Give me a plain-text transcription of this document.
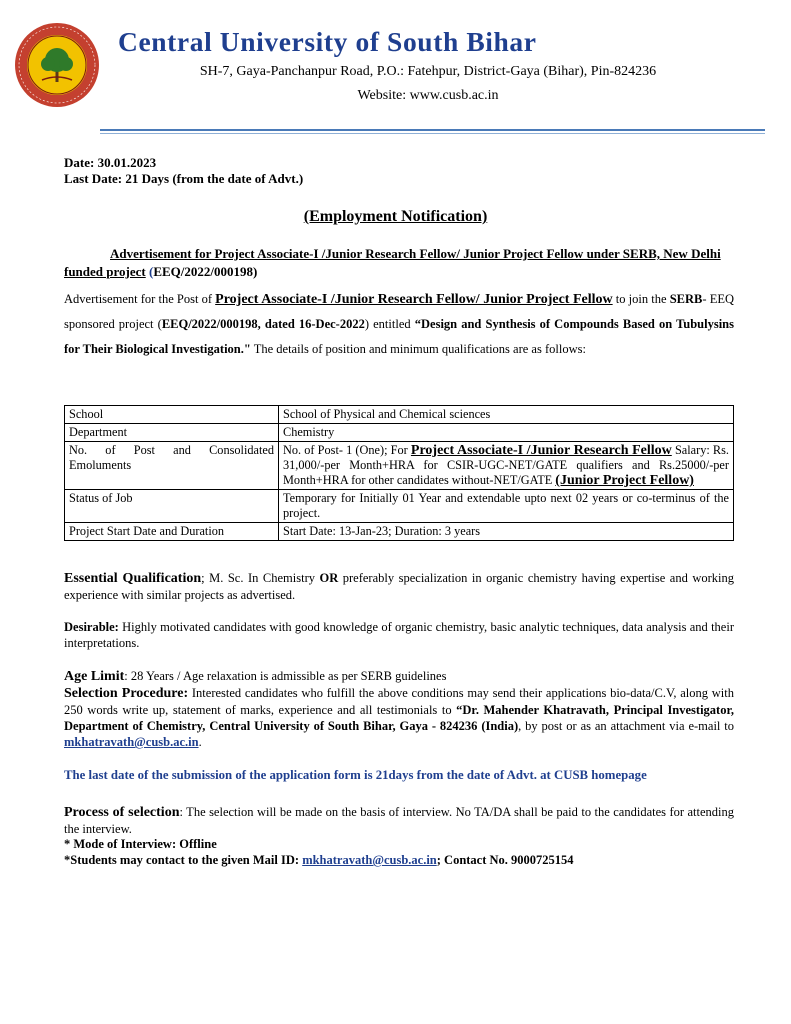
Central University of South Bihar
SH-7, Gaya-Panchanpur Road, P.O.: Fatehpur, District-Gaya (Bihar), Pin-824236
Website: www.cusb.ac.in
Date: 30.01.2023
Last Date: 21 Days (from the date of Advt.)
(Employment Notification)
Advertisement for Project Associate-I /Junior Research Fellow/ Junior Project Fellow under SERB, New Delhi funded project (EEQ/2022/000198)
Advertisement for the Post of Project Associate-I /Junior Research Fellow/ Junior Project Fellow to join the SERB- EEQ sponsored project (EEQ/2022/000198, dated 16-Dec-2022) entitled “Design and Synthesis of Compounds Based on Tubulysins for Their Biological Investigation." The details of position and minimum qualifications are as follows:
School	School of Physical and Chemical sciences
Department	Chemistry
No. of Post and Consolidated Emoluments	No. of Post- 1 (One); For Project Associate-I /Junior Research Fellow Salary: Rs. 31,000/-per Month+HRA for CSIR-UGC-NET/GATE qualifiers and Rs.25000/-per Month+HRA for other candidates without-NET/GATE (Junior Project Fellow)
Status of Job	Temporary for Initially 01 Year and extendable upto next 02 years or co-terminus of the project.
Project Start Date and Duration	Start Date: 13-Jan-23; Duration: 3 years
Essential Qualification; M. Sc. In Chemistry OR preferably specialization in organic chemistry having expertise and working experience with similar projects as advertised.
Desirable: Highly motivated candidates with good knowledge of organic chemistry, basic analytic techniques, data analysis and their interpretations.
Age Limit: 28 Years / Age relaxation is admissible as per SERB guidelines
Selection Procedure: Interested candidates who fulfill the above conditions may send their applications bio-data/C.V, along with 250 words write up, statement of marks, experience and all testimonials to “Dr. Mahender Khatravath, Principal Investigator, Department of Chemistry, Central University of South Bihar, Gaya - 824236 (India), by post or as an attachment via e-mail to mkhatravath@cusb.ac.in.
The last date of the submission of the application form is 21days from the date of Advt. at CUSB homepage
Process of selection: The selection will be made on the basis of interview. No TA/DA shall be paid to the candidates for attending the interview.
* Mode of Interview: Offline
*Students may contact to the given Mail ID: mkhatravath@cusb.ac.in; Contact No. 9000725154
